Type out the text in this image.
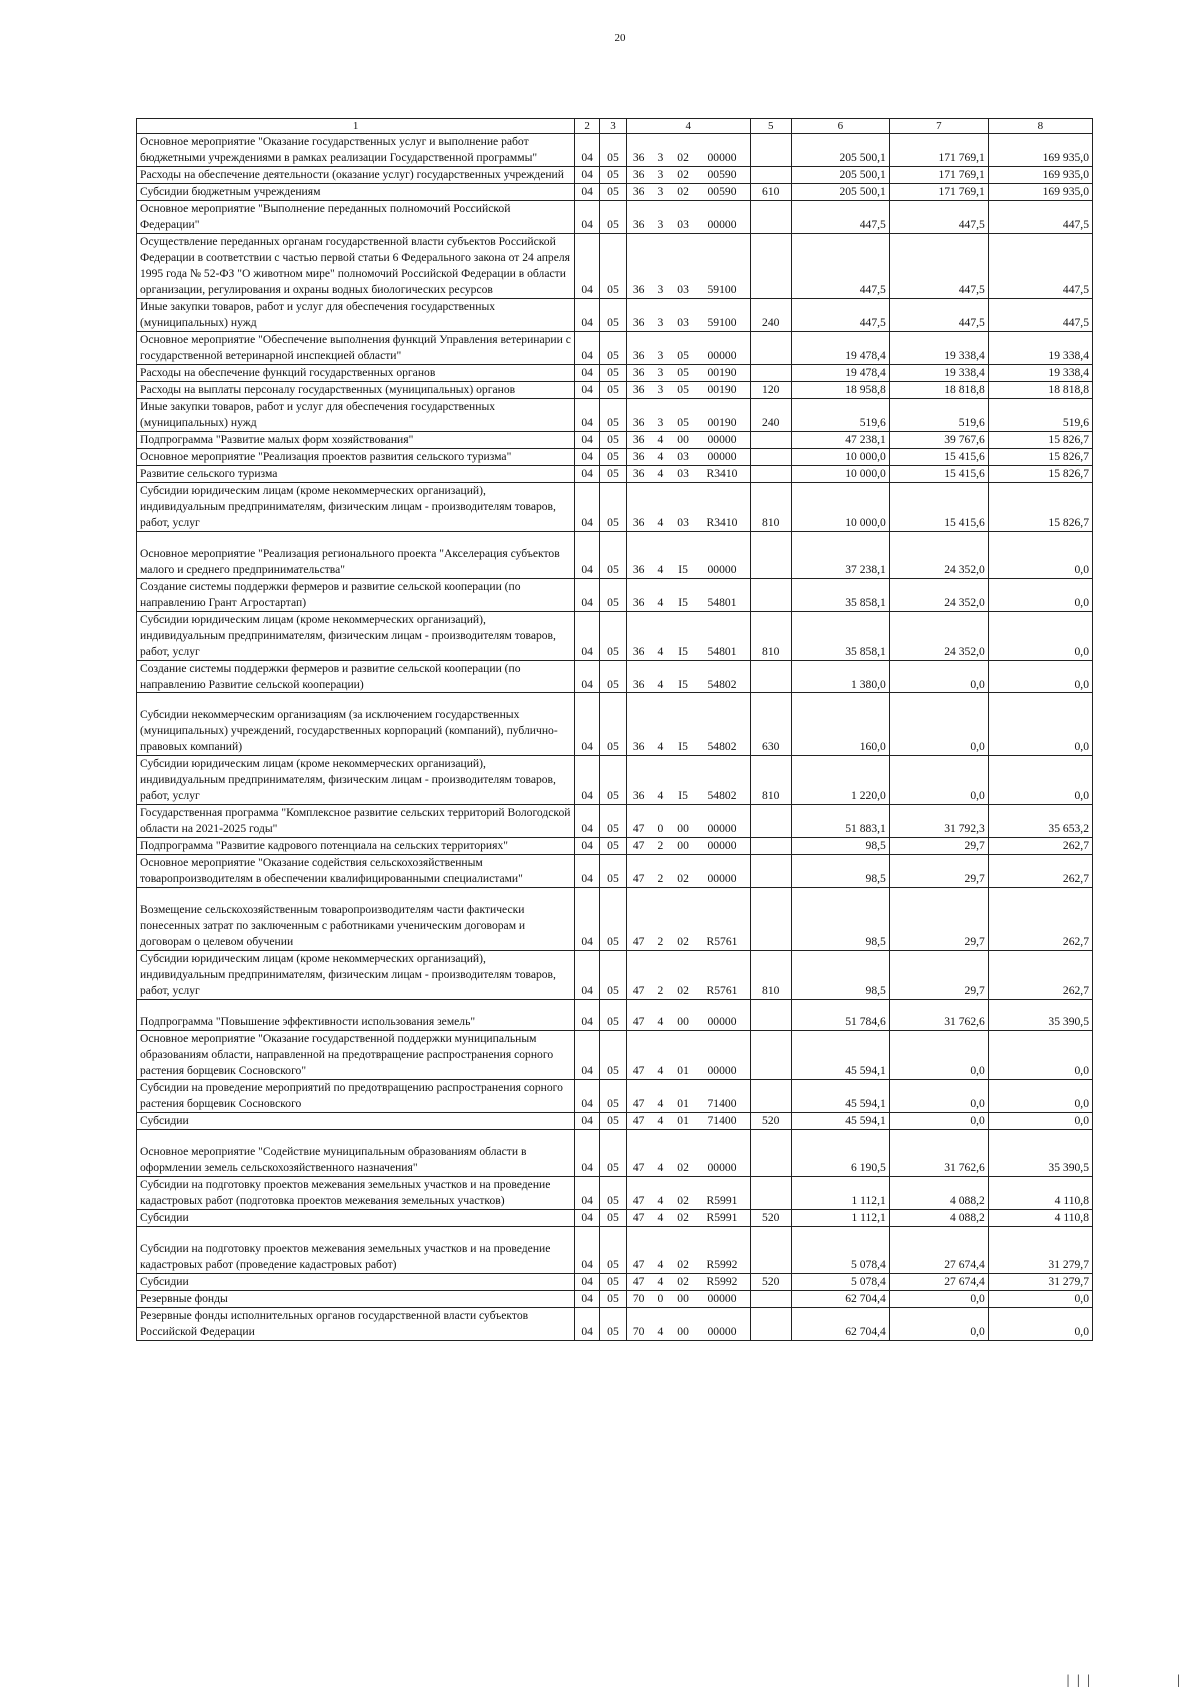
20
1	2	3	4				5	6	7	8
Основное мероприятие "Оказание государственных услуг и выполнение работ бюджетными учреждениями в рамках реализации Государственной программы"	04	05	36	3	02	00000		205 500,1	171 769,1	169 935,0
Расходы на обеспечение деятельности (оказание услуг) государственных учреждений	04	05	36	3	02	00590		205 500,1	171 769,1	169 935,0
Субсидии бюджетным учреждениям	04	05	36	3	02	00590	610	205 500,1	171 769,1	169 935,0
Основное мероприятие "Выполнение переданных полномочий Российской Федерации"	04	05	36	3	03	00000		447,5	447,5	447,5
Осуществление переданных органам государственной власти субъектов Российской Федерации в соответствии с частью первой статьи 6 Федерального закона от 24 апреля 1995 года № 52-ФЗ "О животном мире" полномочий Российской Федерации в области организации, регулирования и охраны водных биологических ресурсов	04	05	36	3	03	59100		447,5	447,5	447,5
Иные закупки товаров, работ и услуг для обеспечения государственных (муниципальных) нужд	04	05	36	3	03	59100	240	447,5	447,5	447,5
Основное мероприятие "Обеспечение выполнения функций Управления ветеринарии с государственной ветеринарной инспекцией области"	04	05	36	3	05	00000		19 478,4	19 338,4	19 338,4
Расходы на обеспечение функций государственных органов	04	05	36	3	05	00190		19 478,4	19 338,4	19 338,4
Расходы на выплаты персоналу государственных (муниципальных) органов	04	05	36	3	05	00190	120	18 958,8	18 818,8	18 818,8
Иные закупки товаров, работ и услуг для обеспечения государственных (муниципальных) нужд	04	05	36	3	05	00190	240	519,6	519,6	519,6
Подпрограмма "Развитие малых форм хозяйствования"	04	05	36	4	00	00000		47 238,1	39 767,6	15 826,7
Основное мероприятие "Реализация проектов развития сельского туризма"	04	05	36	4	03	00000		10 000,0	15 415,6	15 826,7
Развитие сельского туризма	04	05	36	4	03	R3410		10 000,0	15 415,6	15 826,7
Субсидии юридическим лицам (кроме некоммерческих организаций), индивидуальным предпринимателям, физическим лицам - производителям товаров, работ, услуг	04	05	36	4	03	R3410	810	10 000,0	15 415,6	15 826,7
Основное мероприятие "Реализация регионального проекта "Акселерация субъектов малого и среднего предпринимательства"	04	05	36	4	I5	00000		37 238,1	24 352,0	0,0
Создание системы поддержки фермеров и развитие сельской кооперации (по направлению Грант Агростартап)	04	05	36	4	I5	54801		35 858,1	24 352,0	0,0
Субсидии юридическим лицам (кроме некоммерческих организаций), индивидуальным предпринимателям, физическим лицам - производителям товаров, работ, услуг	04	05	36	4	I5	54801	810	35 858,1	24 352,0	0,0
Создание системы поддержки фермеров и развитие сельской кооперации (по направлению Развитие сельской кооперации)	04	05	36	4	I5	54802		1 380,0	0,0	0,0
Субсидии некоммерческим организациям (за исключением государственных (муниципальных) учреждений, государственных корпораций (компаний), публично-правовых компаний)	04	05	36	4	I5	54802	630	160,0	0,0	0,0
Субсидии юридическим лицам (кроме некоммерческих организаций), индивидуальным предпринимателям, физическим лицам - производителям товаров, работ, услуг	04	05	36	4	I5	54802	810	1 220,0	0,0	0,0
Государственная программа "Комплексное развитие сельских территорий Вологодской области на 2021-2025 годы"	04	05	47	0	00	00000		51 883,1	31 792,3	35 653,2
Подпрограмма "Развитие кадрового потенциала на сельских территориях"	04	05	47	2	00	00000		98,5	29,7	262,7
Основное мероприятие "Оказание содействия сельскохозяйственным товаропроизводителям в обеспечении квалифицированными специалистами"	04	05	47	2	02	00000		98,5	29,7	262,7
Возмещение сельскохозяйственным товаропроизводителям части фактически понесенных затрат по заключенным с работниками ученическим договорам и договорам о целевом обучении	04	05	47	2	02	R5761		98,5	29,7	262,7
Субсидии юридическим лицам (кроме некоммерческих организаций), индивидуальным предпринимателям, физическим лицам - производителям товаров, работ, услуг	04	05	47	2	02	R5761	810	98,5	29,7	262,7
Подпрограмма "Повышение эффективности использования земель"	04	05	47	4	00	00000		51 784,6	31 762,6	35 390,5
Основное мероприятие "Оказание государственной поддержки муниципальным образованиям области, направленной на предотвращение распространения сорного растения борщевик Сосновского"	04	05	47	4	01	00000		45 594,1	0,0	0,0
Субсидии на проведение мероприятий по предотвращению распространения сорного растения борщевик Сосновского	04	05	47	4	01	71400		45 594,1	0,0	0,0
Субсидии	04	05	47	4	01	71400	520	45 594,1	0,0	0,0
Основное мероприятие "Содействие муниципальным образованиям области в оформлении земель сельскохозяйственного назначения"	04	05	47	4	02	00000		6 190,5	31 762,6	35 390,5
Субсидии на подготовку проектов межевания земельных участков и на проведение кадастровых работ (подготовка проектов межевания земельных участков)	04	05	47	4	02	R5991		1 112,1	4 088,2	4 110,8
Субсидии	04	05	47	4	02	R5991	520	1 112,1	4 088,2	4 110,8
Субсидии на подготовку проектов межевания земельных участков и на проведение кадастровых работ (проведение кадастровых работ)	04	05	47	4	02	R5992		5 078,4	27 674,4	31 279,7
Субсидии	04	05	47	4	02	R5992	520	5 078,4	27 674,4	31 279,7
Резервные фонды	04	05	70	0	00	00000		62 704,4	0,0	0,0
Резервные фонды исполнительных органов государственной власти субъектов Российской Федерации	04	05	70	4	00	00000		62 704,4	0,0	0,0
| | |	|
